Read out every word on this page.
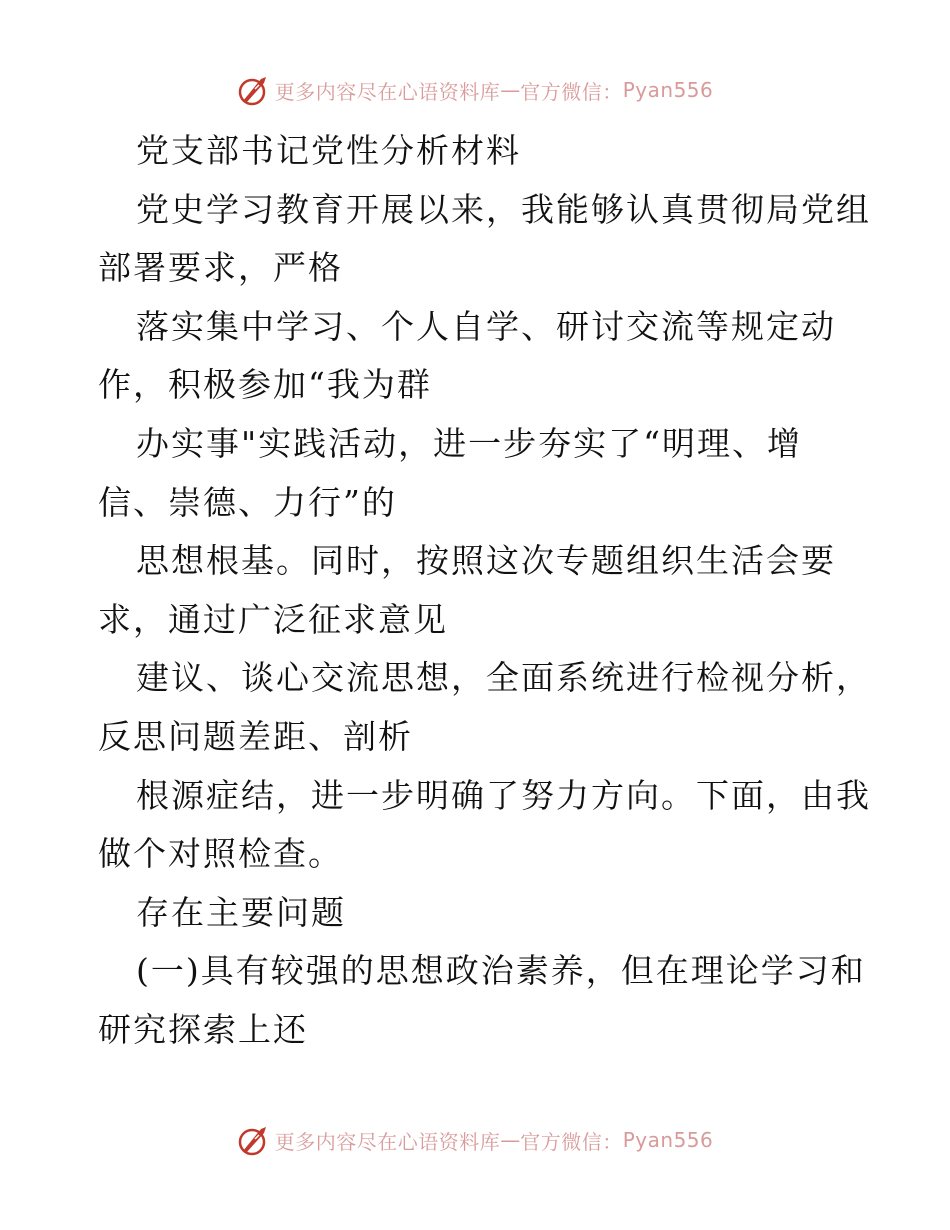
更多内容尽在心语资料库 — 官方微信： Pyan556

党支部书记党性分析材料

党史学习教育开展以来，我能够认真贯彻局党组
部署要求，严格

落实集中学习、个人自学、研讨交流等规定动
作，积极参加“我为群

办实事"实践活动，进一步夯实了“明理、增
信、崇德、力行”的

思想根基。同时，按照这次专题组织生活会要
求，通过广泛征求意见

建议、谈心交流思想，全面系统进行检视分析，
反思问题差距、剖析

根源症结，进一步明确了努力方向。下面，由我
做个对照检查。

存在主要问题

(一)具有较强的思想政治素养，但在理论学习和
研究探索上还

更多内容尽在心语资料库 — 官方微信： Pyan556
